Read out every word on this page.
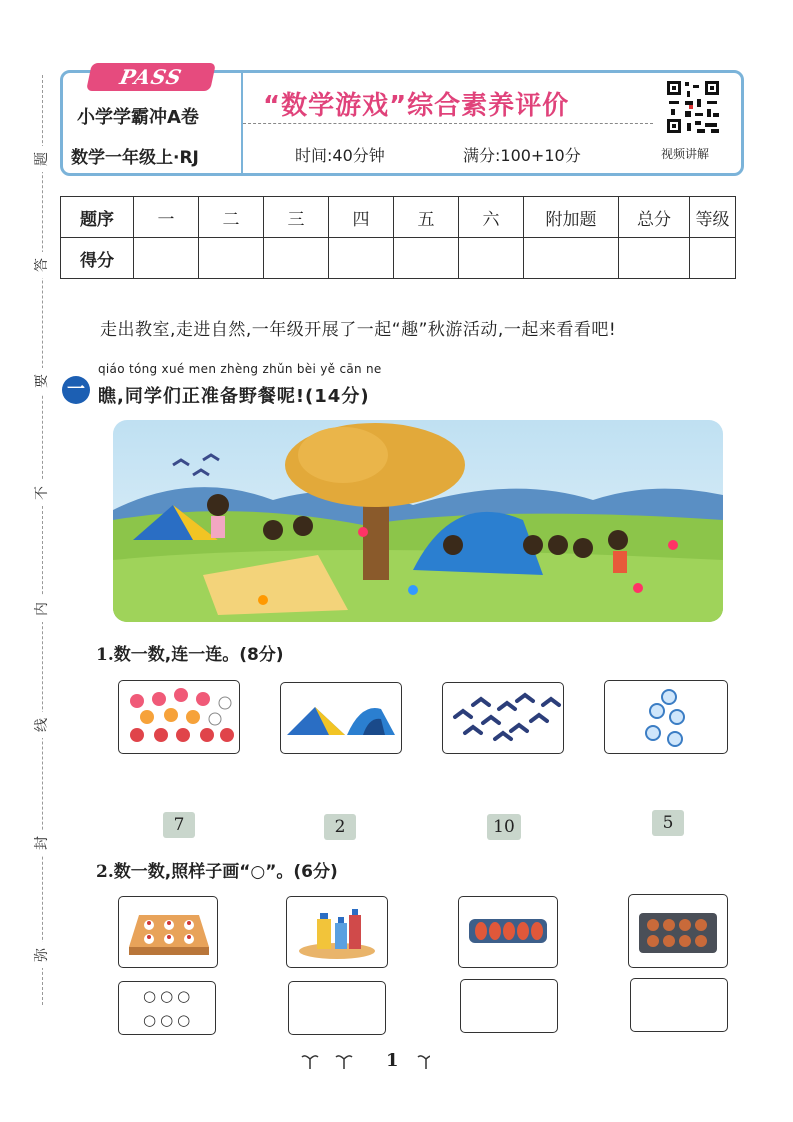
题
答
要
不
内
线
封
弥
PASS
小学学霸冲A卷
数学一年级上·RJ
“数学游戏”综合素养评价
时间:40分钟	满分:100+10分	视频讲解
题序	一	二	三	四	五	六	附加题	总分	等级
得分									
走出教室,走进自然,一年级开展了一起“趣”秋游活动,一起来看看吧!
一
qiáo tóng xué men zhèng zhǔn bèi yě cān ne
瞧,同学们正准备野餐呢!(14分)
1.数一数,连一连。(8分)
7	2	10	5
2.数一数,照样子画“○”。(6分)
○○○
○○○
1
